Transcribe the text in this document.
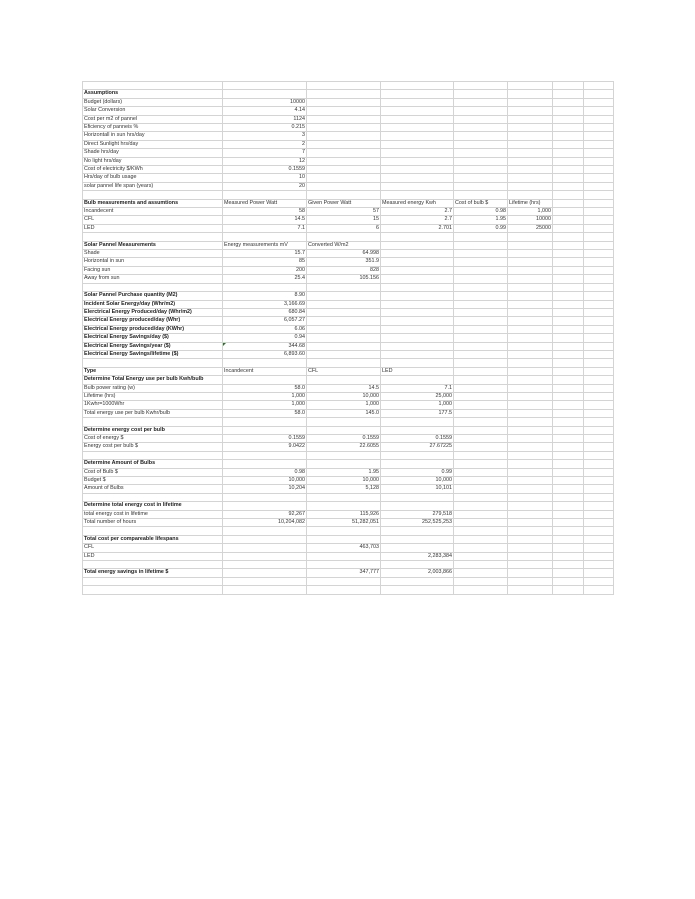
Assumptions							
Budget (dollars)	10000						
Solar Conversion	4.14						
Cost per m2 of pannel	1124						
Eficiency of panneis %	0.215						
Horizontall in sun hrs/day	3						
Direct Sunlight hrs/day	2						
Shade hrs/day	7						
No light hrs/day	12						
Cost of electricity $/KWh	0.1559						
Hrs/day of bulb usage	10						
solar pannel life span (years)	20						

Bulb measurements and assumtions	Measured Power Watt	Given Power Watt	Measured energy Kwh	Cost of bulb $	Lifetime (hrs)		
Incandecent	58	57	2.7	0.98	1,000		
CFL	14.5	15	2.7	1.95	10000		
LED	7.1	6	2.701	0.99	25000		

Solar Pannel Measurements	Energy measurements mV	Converted W/m2					
Shade	15.7	64.998					
Horizontal in sun	85	351.9					
Facing sun	200	828					
Away from sun	25.4	105.156					

Solar Pannel Purchase quantity (M2)	8.90						
Incident Solar Energy/day (Whr/m2)	3,166.69						
Elerctrical Energy Produced/day (Whr/m2)	680.84						
Electrical Energy produced/day (Whr)	6,057.27						
Electrical Energy produced/day (KWhr)	6.06						
Electrical Energy Savings/day ($)	0.94						
Electrical Energy Savings/year ($)	344.68						
Electrical Energy Savings/lifetime ($)	6,893.60						

Type	Incandecent	CFL	LED				
Determine Total Energy use per bulb Kwh/bulb							
Bulb power rating (w)	58.0	14.5	7.1				
Lifetime (hrs)	1,000	10,000	25,000				
1Kwhr=1000Whr	1,000	1,000	1,000				
Total energy use per bulb Kwhr/bulb	58.0	145.0	177.5				

Determine energy cost per bulb							
Cost of energy $	0.1559	0.1559	0.1559				
Energy cost per bulb $	9.0422	22.6055	27.67225				

Determine Amount of Bulbs							
Cost of Bulb $	0.98	1.95	0.99				
Budget $	10,000	10,000	10,000				
Amount of Bulbs	10,204	5,128	10,101				

Determine total energy cost in lifetime							
total energy cost in lifetime	92,267	115,926	279,518				
Total number of hours	10,204,082	51,282,051	252,525,253				

Total cost per compareable lifespans							
CFL		463,703					
LED			2,283,384				

Total energy savings in lifetime $		347,777	2,003,866				
